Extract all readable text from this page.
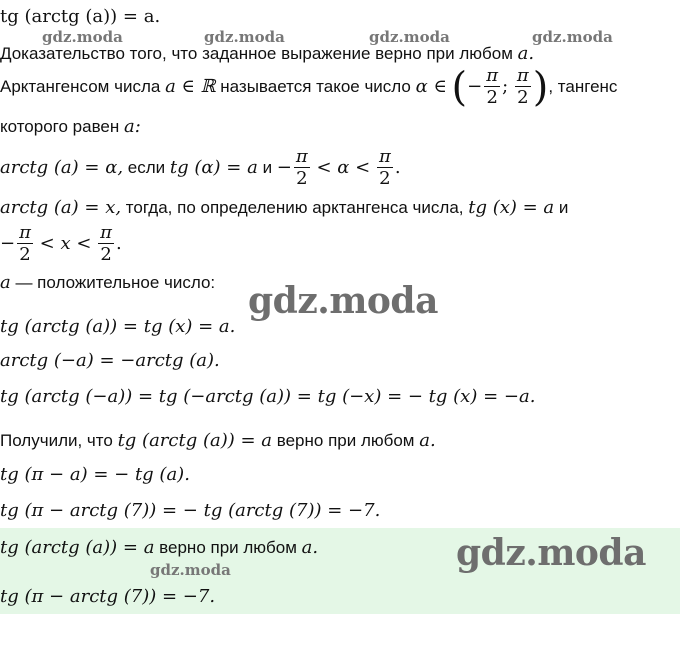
tg (arctg (a)) = a.
gdz.moda	gdz.moda	gdz.moda	gdz.moda
Доказательство того, что заданное выражение верно при любом a.
Арктангенсом числа a ∈ ℝ называется такое число α ∈ (− $\frac{\pi}{2}$ ; $\frac{\pi}{2}$ ), тангенс
которого равен a:
arctg (a) = α, если tg (α) = a $и - \frac{\pi}{2} < \alpha < \frac{\pi}{2}$ .
arctg (a) = x, тогда, по определению арктангенса числа, tg (x) = a и
− $\frac{\pi}{2} < x < \frac{\pi}{2}$ .
a — положительное число: gdz.moda
tg (arctg (a)) = tg (x) = a.
arctg (−a) = −arctg (a).
tg (arctg (−a)) = tg (−arctg (a)) = tg (−x) = − tg (x) = −a.
Получили, что tg (arctg (a)) = a верно при любом a.
tg (π − a) = − tg (a).
tg (π − arctg (7)) = − tg (arctg (7)) = −7.
tg (arctg (a)) = a верно при любом a.	gdz.moda
gdz.moda
tg (π − arctg (7)) = −7.
